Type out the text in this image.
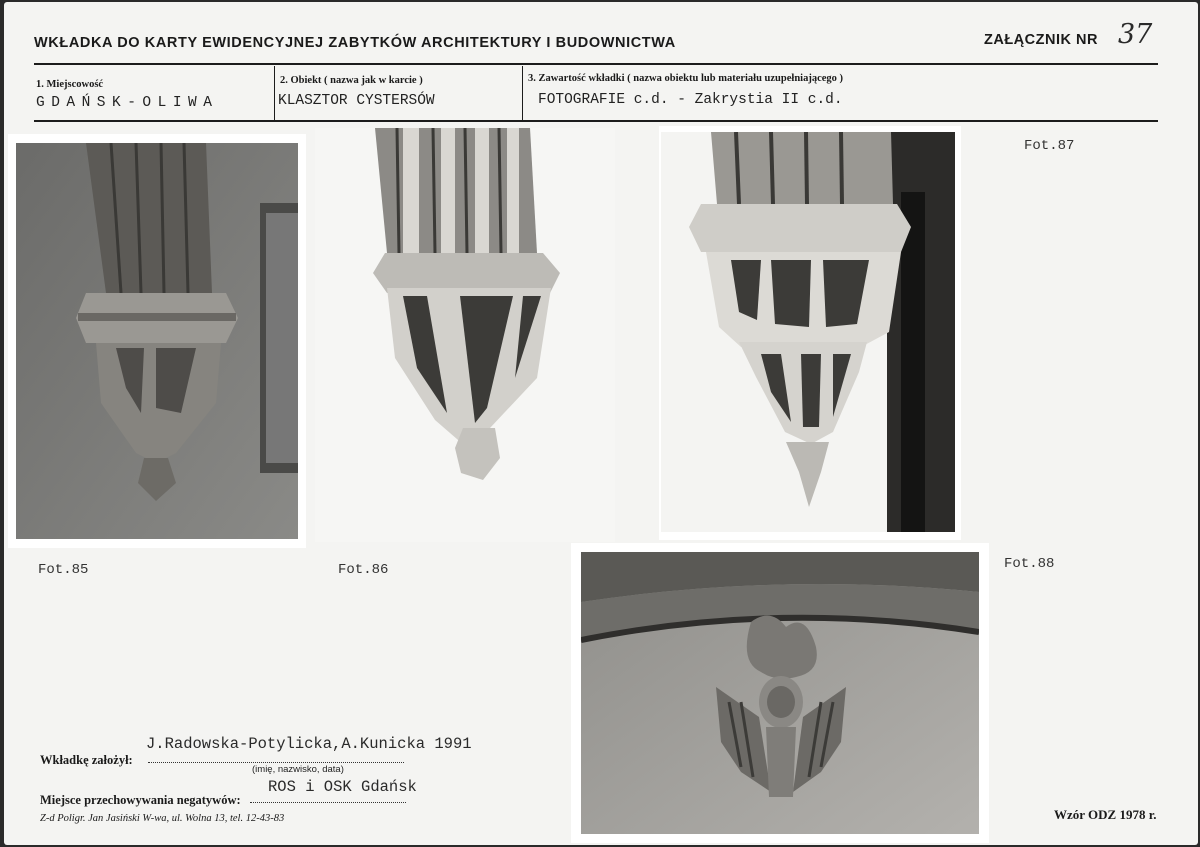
WKŁADKA DO KARTY EWIDENCYJNEJ ZABYTKÓW ARCHITEKTURY I BUDOWNICTWA	ZAŁĄCZNIK NR 37
1. Miejscowość
GDAŃSK-OLIWA
2. Obiekt ( nazwa jak w karcie )
KLASZTOR CYSTERSÓW
3. Zawartość wkładki ( nazwa obiektu lub materiału uzupełniającego )
FOTOGRAFIE c.d. - Zakrystia II c.d.
Fot.85	Fot.86
Fot.87
Fot.88
J.Radowska-Potylicka,A.Kunicka 1991
Wkładkę założył:
(imię, nazwisko, data)
ROS i OSK Gdańsk
Miejsce przechowywania negatywów:
Z-d Poligr. Jan Jasiński W-wa, ul. Wolna 13, tel. 12-43-83	Wzór ODZ 1978 r.
